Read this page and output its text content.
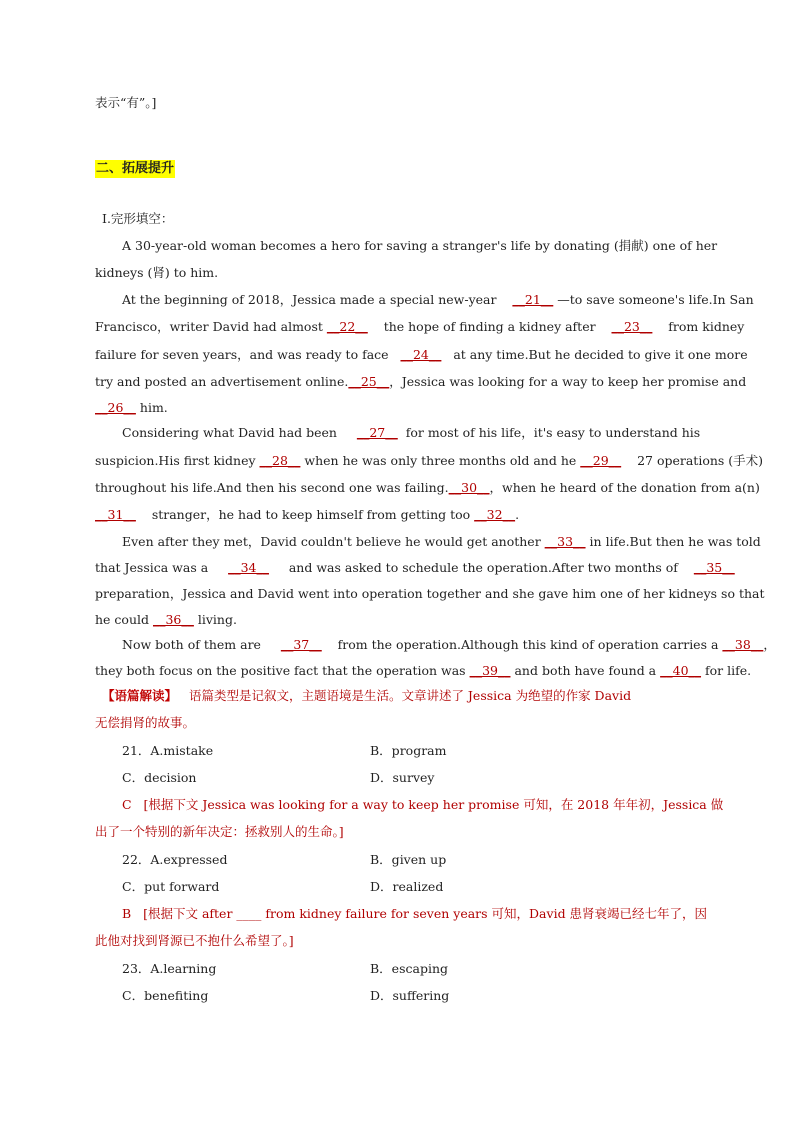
表示“有”。]
二、拓展提升
Ⅰ.完形填空：
A 30-year-old woman becomes a hero for saving a stranger's life by donating (捐献) one of her
kidneys (肾) to him.
At the beginning of 2018，Jessica made a special new-year __21__ —to save someone's life.In San
Francisco，writer David had almost __22__ the hope of finding a kidney after __23__ from kidney
failure for seven years，and was ready to face __24__ at any time.But he decided to give it one more
try and posted an advertisement online.__25__，Jessica was looking for a way to keep her promise and
__26__ him.
Considering what David had been __27__ for most of his life，it's easy to understand his
suspicion.His first kidney __28__ when he was only three months old and he __29__ 27 operations (手术)
throughout his life.And then his second one was failing.__30__，when he heard of the donation from a(n)
__31__ stranger，he had to keep himself from getting too __32__.
Even after they met，David couldn't believe he would get another __33__ in life.But then he was told
that Jessica was a __34__ and was asked to schedule the operation.After two months of __35__
preparation，Jessica and David went into operation together and she gave him one of her kidneys so that
he could __36__ living.
Now both of them are __37__ from the operation.Although this kind of operation carries a __38__，
they both focus on the positive fact that the operation was __39__ and both have found a __40__ for life.
【语篇解读】 语篇类型是记叙文，主题语境是生活。文章讲述了 Jessica 为绝望的作家 David
无偿捐肾的故事。
21．A.mistake	B．program
C．decision	D．survey
C [根据下文 Jessica was looking for a way to keep her promise 可知，在 2018 年年初，Jessica 做
出了一个特别的新年决定：拯救别人的生命。]
22．A.expressed	B．given up
C．put forward	D．realized
B [根据下文 after ____ from kidney failure for seven years 可知，David 患肾衰竭已经七年了，因
此他对找到肾源已不抱什么希望了。]
23．A.learning	B．escaping
C．benefiting	D．suffering
